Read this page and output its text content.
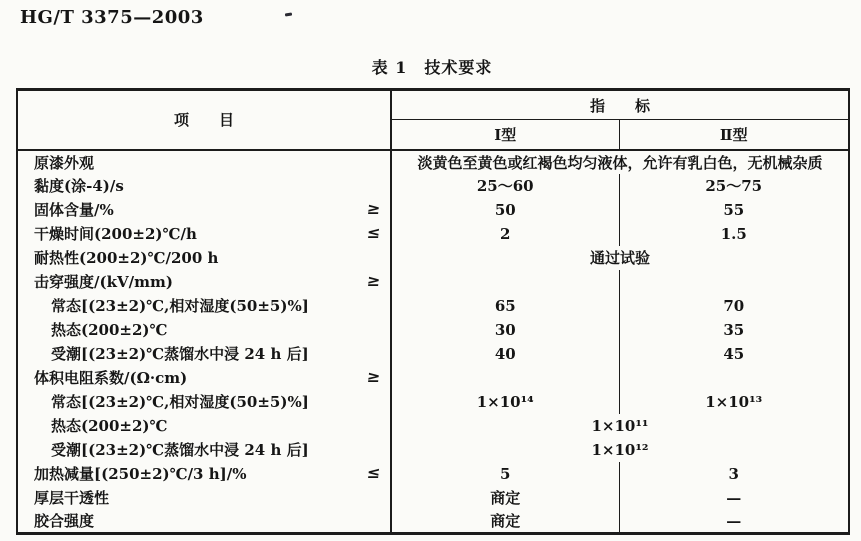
HG/T 3375—2003
表 1　技术要求
项　　目	指　　标	
	Ⅰ型	Ⅱ型
原漆外观	淡黄色至黄色或红褐色均匀液体，允许有乳白色，无机械杂质	
黏度(涂-4)/s	25～60	25～75
固体含量/% ≥	50	55
干燥时间(200±2)℃/h ≤	2	1.5
耐热性(200±2)℃/200 h	通过试验	
击穿强度/(kV/mm) ≥		

常态[(23±2)℃,相对湿度(50±5)%]	65	70
热态(200±2)℃	30	35
受潮[(23±2)℃蒸馏水中浸 24 h 后]	40	45
体积电阻系数/(Ω·cm) ≥		

常态[(23±2)℃,相对湿度(50±5)%]	1×10¹⁴	1×10¹³
热态(200±2)℃	1×10¹¹	
受潮[(23±2)℃蒸馏水中浸 24 h 后]	1×10¹²	
加热减量[(250±2)℃/3 h]/% ≤	5	3
厚层干透性	商定	—
胶合强度	商定	—
